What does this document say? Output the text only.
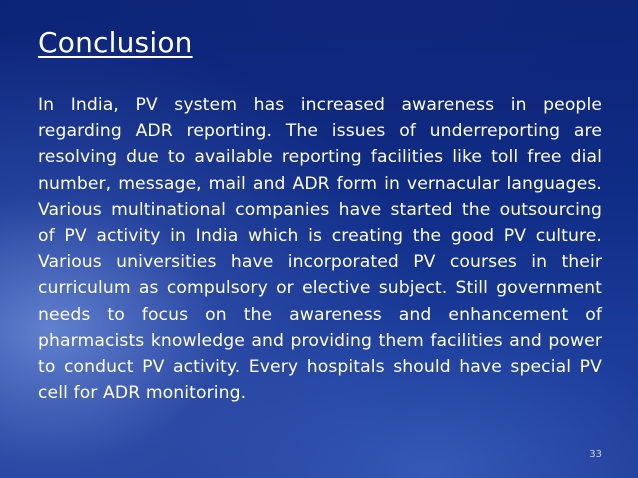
Conclusion

In India, PV system has increased awareness in people regarding ADR reporting. The issues of underreporting are resolving due to available reporting facilities like toll free dial number, message, mail and ADR form in vernacular languages. Various multinational companies have started the outsourcing of PV activity in India which is creating the good PV culture. Various universities have incorporated PV courses in their curriculum as compulsory or elective subject. Still government needs to focus on the awareness and enhancement of pharmacists knowledge and providing them facilities and power to conduct PV activity. Every hospitals should have special PV cell for ADR monitoring.

33
